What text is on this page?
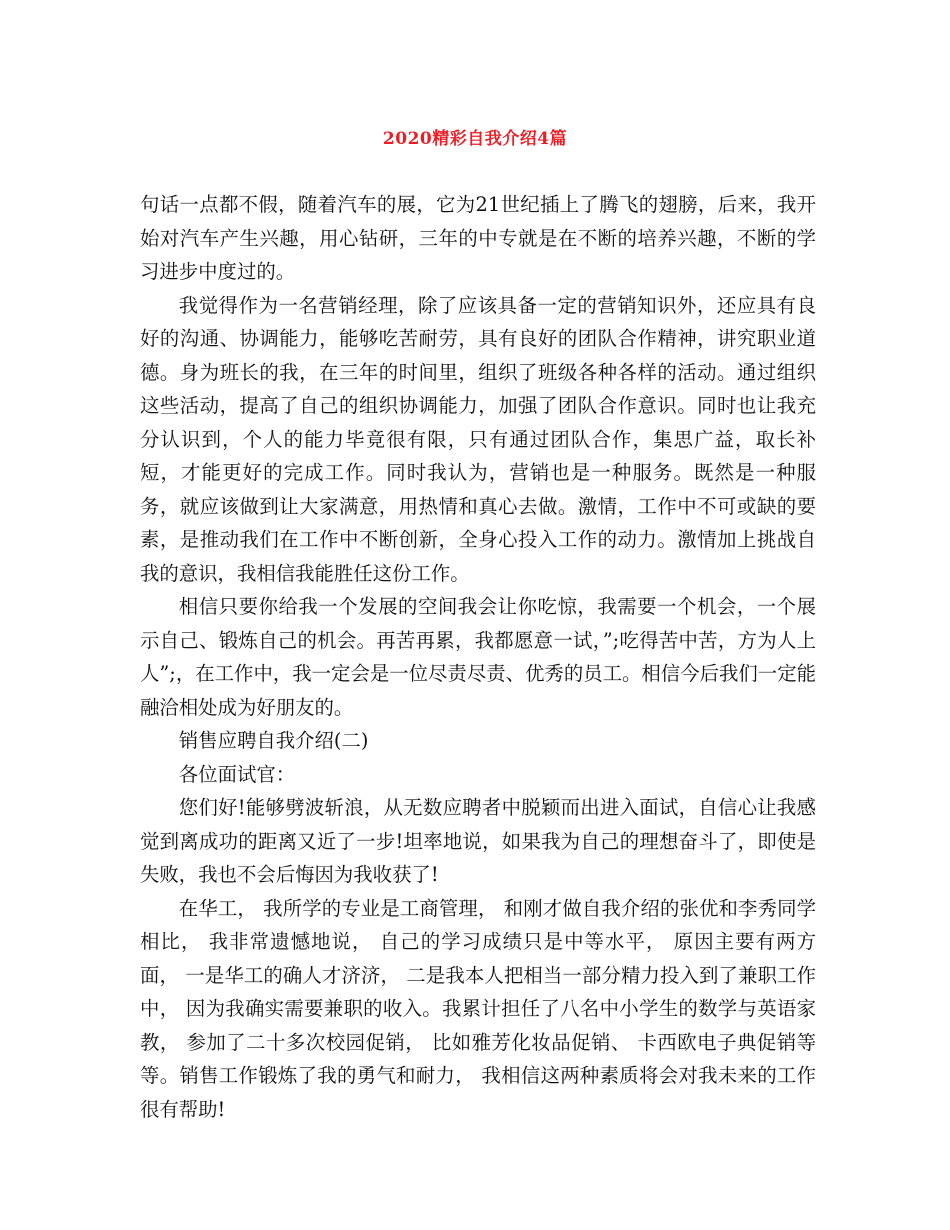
2020精彩自我介绍4篇

句话一点都不假，随着汽车的展，它为21世纪插上了腾飞的翅膀，后来，我开始对汽车产生兴趣，用心钻研，三年的中专就是在不断的培养兴趣，不断的学习进步中度过的。

我觉得作为一名营销经理，除了应该具备一定的营销知识外，还应具有良好的沟通、协调能力，能够吃苦耐劳，具有良好的团队合作精神，讲究职业道德。身为班长的我，在三年的时间里，组织了班级各种各样的活动。通过组织这些活动，提高了自己的组织协调能力，加强了团队合作意识。同时也让我充分认识到，个人的能力毕竟很有限，只有通过团队合作，集思广益，取长补短，才能更好的完成工作。同时我认为，营销也是一种服务。既然是一种服务，就应该做到让大家满意，用热情和真心去做。激情，工作中不可或缺的要素，是推动我们在工作中不断创新，全身心投入工作的动力。激情加上挑战自我的意识，我相信我能胜任这份工作。

相信只要你给我一个发展的空间我会让你吃惊，我需要一个机会，一个展示自己、锻炼自己的机会。再苦再累，我都愿意一试，”;吃得苦中苦，方为人上人”;，在工作中，我一定会是一位尽责尽责、优秀的员工。相信今后我们一定能融洽相处成为好朋友的。

销售应聘自我介绍(二)

各位面试官：

您们好!能够劈波斩浪，从无数应聘者中脱颖而出进入面试，自信心让我感觉到离成功的距离又近了一步!坦率地说，如果我为自己的理想奋斗了，即使是失败，我也不会后悔因为我收获了!

在华工， 我所学的专业是工商管理， 和刚才做自我介绍的张优和李秀同学相比， 我非常遗憾地说， 自己的学习成绩只是中等水平， 原因主要有两方面， 一是华工的确人才济济， 二是我本人把相当一部分精力投入到了兼职工作中， 因为我确实需要兼职的收入。我累计担任了八名中小学生的数学与英语家教， 参加了二十多次校园促销， 比如雅芳化妆品促销、 卡西欧电子典促销等等。销售工作锻炼了我的勇气和耐力， 我相信这两种素质将会对我未来的工作很有帮助!
